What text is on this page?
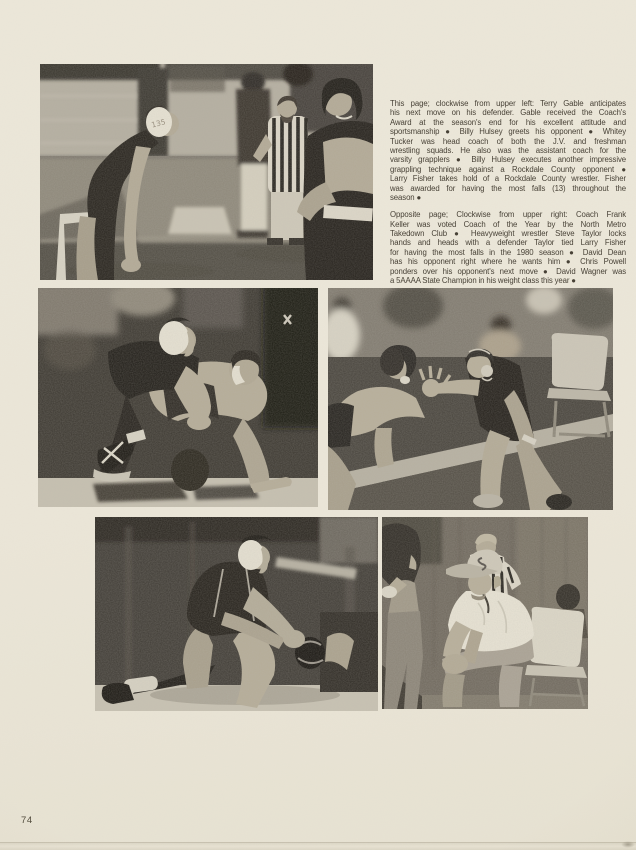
135
This page; clockwise from upper left: Terry Gable anticipates
his next move on his defender. Gable received the Coach's
Award at the season's end for his excellent attitude and
sportsmanship ● Billy Hulsey greets his opponent ● Whitey
Tucker was head coach of both the J.V. and freshman
wrestling squads. He also was the assistant coach for the
varsity grapplers ● Billy Hulsey executes another impressive
grappling technique against a Rockdale County opponent ●
Larry Fisher takes hold of a Rockdale County wrestler. Fisher
was awarded for having the most falls (13) throughout the
season ●
Opposite page; Clockwise from upper right: Coach Frank
Keller was voted Coach of the Year by the North Metro
Takedown Club ● Heavyweight wrestler Steve Taylor locks
hands and heads with a defender Taylor tied Larry Fisher
for having the most falls in the 1980 season ● David Dean
has his opponent right where he wants him ● Chris Powell
ponders over his opponent's next move ● David Wagner was
a 5AAAA State Champion in his weight class this year ●
74
